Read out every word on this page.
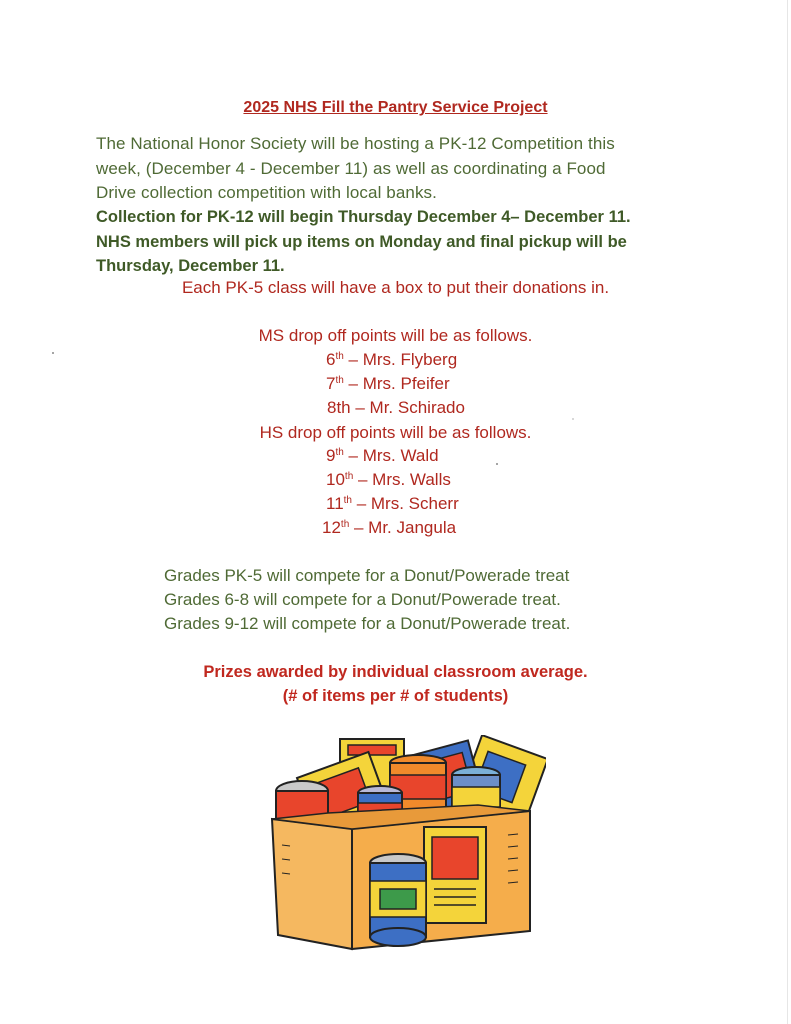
2025 NHS Fill the Pantry Service Project
The National Honor Society will be hosting a PK-12 Competition this
week, (December 4 - December 11) as well as coordinating a Food
Drive collection competition with local banks.
Collection for PK-12 will begin Thursday December 4– December 11.
NHS members will pick up items on Monday and final pickup will be
Thursday, December 11.
Each PK-5 class will have a box to put their donations in.
MS drop off points will be as follows.
6th – Mrs. Flyberg
7th – Mrs. Pfeifer
8th – Mr. Schirado
HS drop off points will be as follows.
9th – Mrs. Wald
10th – Mrs. Walls
11th – Mrs. Scherr
12th – Mr. Jangula
Grades PK-5 will compete for a Donut/Powerade treat
Grades 6-8 will compete for a Donut/Powerade treat.
Grades 9-12 will compete for a Donut/Powerade treat.
Prizes awarded by individual classroom average.
(# of items per # of students)
